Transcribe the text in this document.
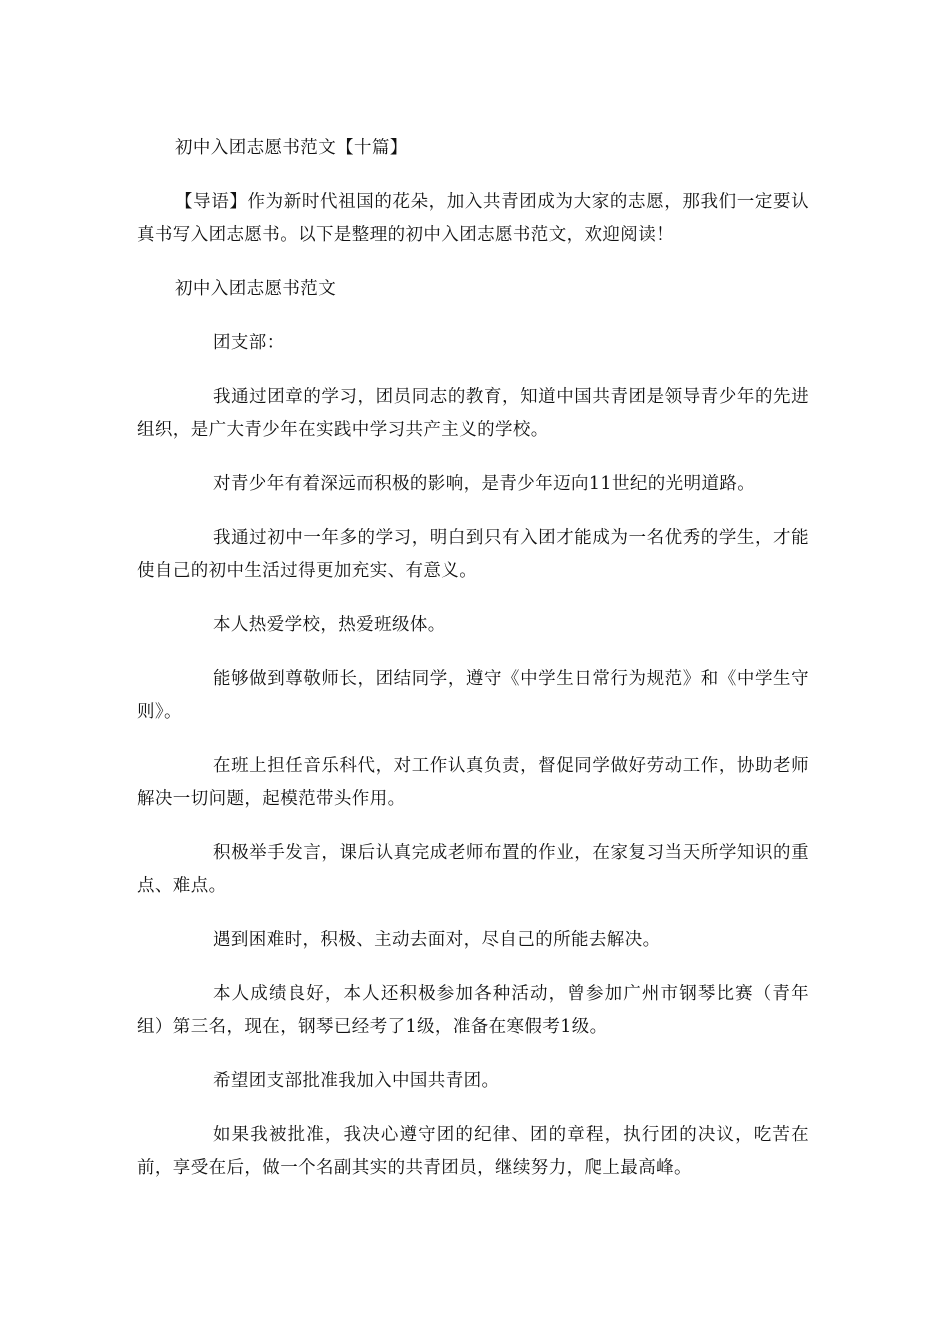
初中入团志愿书范文【十篇】

【导语】作为新时代祖国的花朵，加入共青团成为大家的志愿，那我们一定要认真书写入团志愿书。以下是整理的初中入团志愿书范文，欢迎阅读！

初中入团志愿书范文

团支部：

我通过团章的学习，团员同志的教育，知道中国共青团是领导青少年的先进组织，是广大青少年在实践中学习共产主义的学校。

对青少年有着深远而积极的影响，是青少年迈向11世纪的光明道路。

我通过初中一年多的学习，明白到只有入团才能成为一名优秀的学生，才能使自己的初中生活过得更加充实、有意义。

本人热爱学校，热爱班级体。

能够做到尊敬师长，团结同学，遵守《中学生日常行为规范》和《中学生守则》。

在班上担任音乐科代，对工作认真负责，督促同学做好劳动工作，协助老师解决一切问题，起模范带头作用。

积极举手发言，课后认真完成老师布置的作业，在家复习当天所学知识的重点、难点。

遇到困难时，积极、主动去面对，尽自己的所能去解决。

本人成绩良好，本人还积极参加各种活动，曾参加广州市钢琴比赛（青年组）第三名，现在，钢琴已经考了1级，准备在寒假考1级。

希望团支部批准我加入中国共青团。

如果我被批准，我决心遵守团的纪律、团的章程，执行团的决议，吃苦在前，享受在后，做一个名副其实的共青团员，继续努力，爬上最高峰。
